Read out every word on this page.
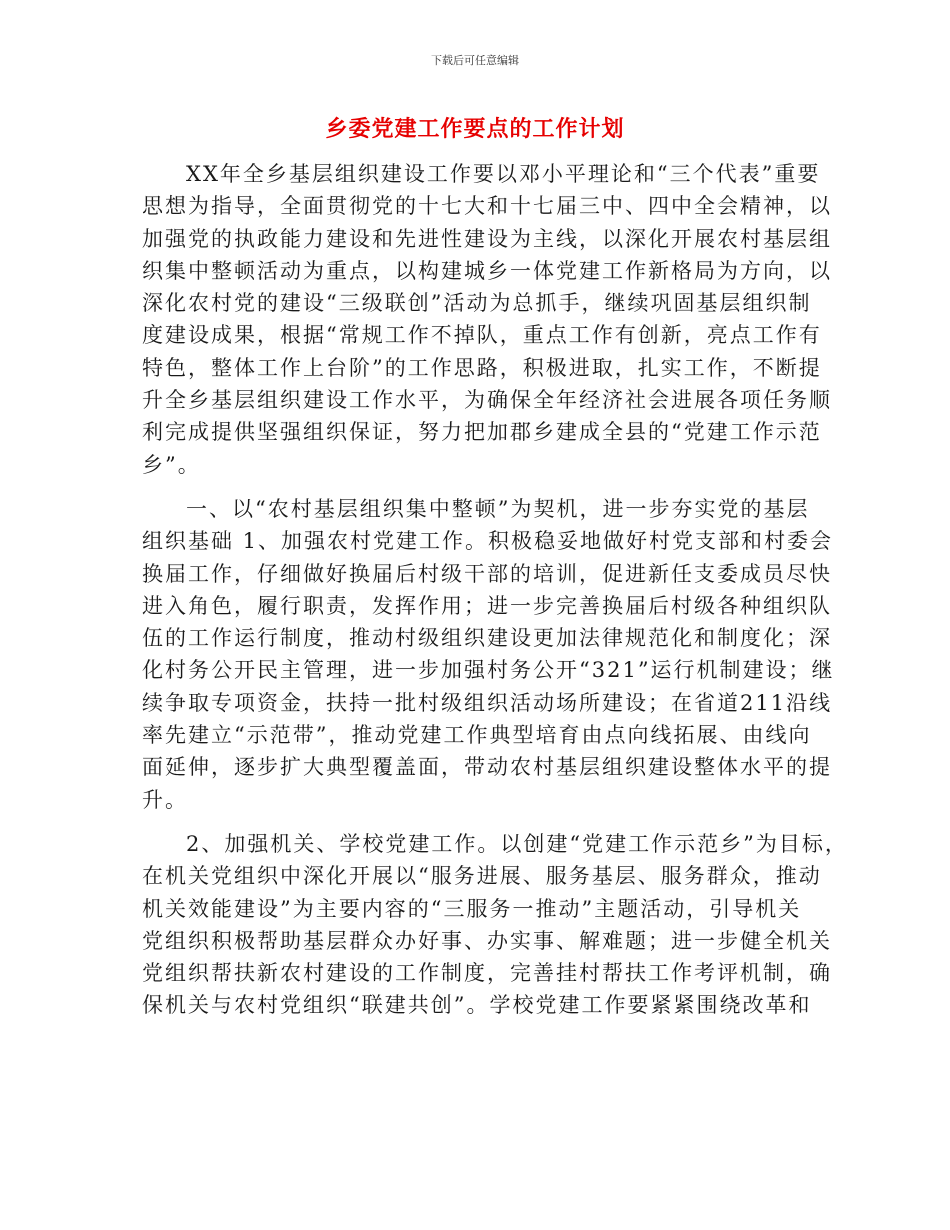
下载后可任意编辑
乡委党建工作要点的工作计划
XX年全乡基层组织建设工作要以邓小平理论和“三个代表”重要
思想为指导，全面贯彻党的十七大和十七届三中、四中全会精神，以
加强党的执政能力建设和先进性建设为主线，以深化开展农村基层组
织集中整顿活动为重点，以构建城乡一体党建工作新格局为方向，以
深化农村党的建设“三级联创”活动为总抓手，继续巩固基层组织制
度建设成果，根据“常规工作不掉队，重点工作有创新，亮点工作有
特色，整体工作上台阶”的工作思路，积极进取，扎实工作，不断提
升全乡基层组织建设工作水平，为确保全年经济社会进展各项任务顺
利完成提供坚强组织保证，努力把加郡乡建成全县的“党建工作示范
乡”。
一、以“农村基层组织集中整顿”为契机，进一步夯实党的基层
组织基础 1、加强农村党建工作。积极稳妥地做好村党支部和村委会
换届工作，仔细做好换届后村级干部的培训，促进新任支委成员尽快
进入角色，履行职责，发挥作用；进一步完善换届后村级各种组织队
伍的工作运行制度，推动村级组织建设更加法律规范化和制度化；深
化村务公开民主管理，进一步加强村务公开“321”运行机制建设；继
续争取专项资金，扶持一批村级组织活动场所建设；在省道211沿线
率先建立“示范带”，推动党建工作典型培育由点向线拓展、由线向
面延伸，逐步扩大典型覆盖面，带动农村基层组织建设整体水平的提
升。
2、加强机关、学校党建工作。以创建“党建工作示范乡”为目标，
在机关党组织中深化开展以“服务进展、服务基层、服务群众，推动
机关效能建设”为主要内容的“三服务一推动”主题活动，引导机关
党组织积极帮助基层群众办好事、办实事、解难题；进一步健全机关
党组织帮扶新农村建设的工作制度，完善挂村帮扶工作考评机制，确
保机关与农村党组织“联建共创”。学校党建工作要紧紧围绕改革和
